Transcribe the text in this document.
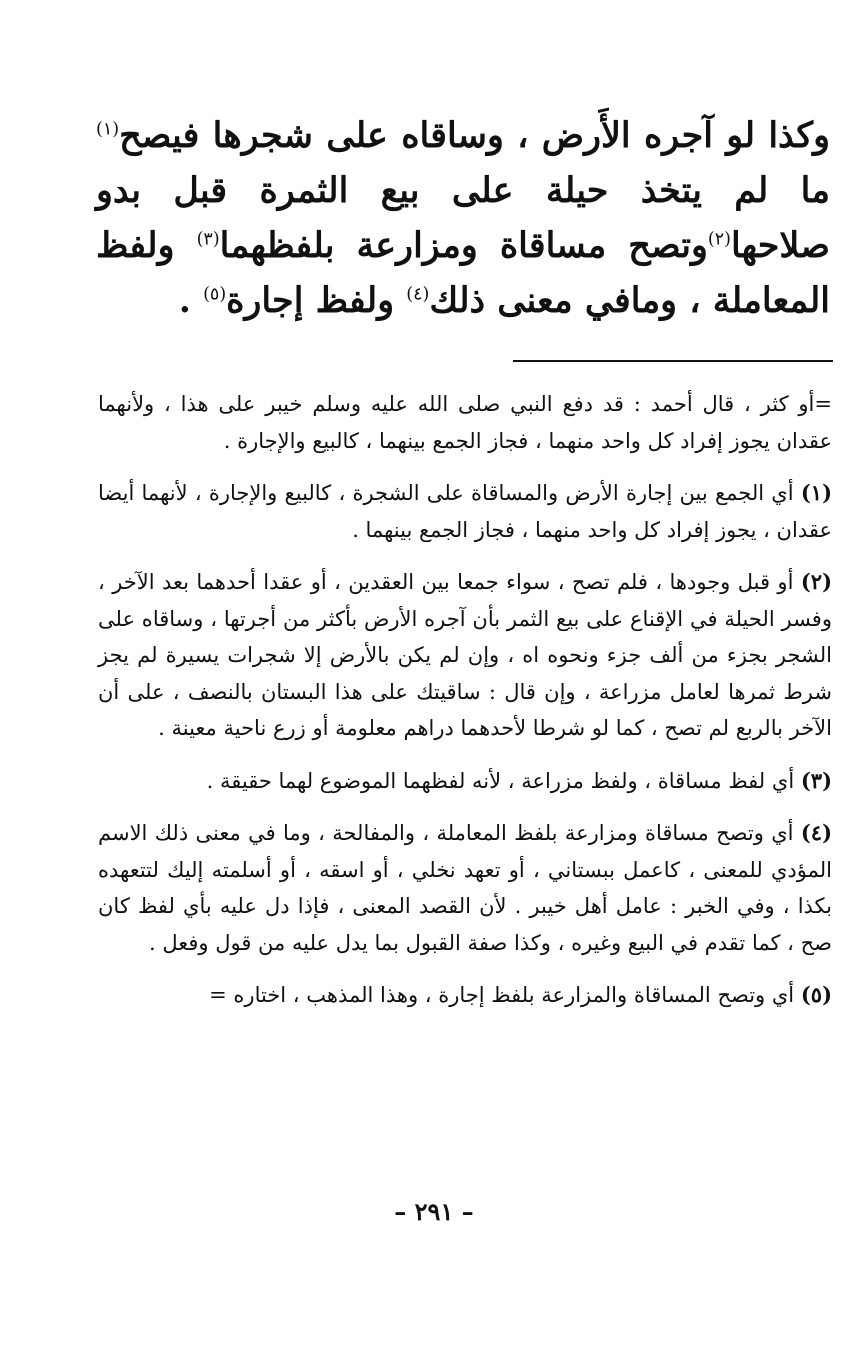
وكذا لو آجره الأَرض ، وساقاه على شجرها فيصح$^{(١)}$ ما لم يتخذ حيلة على بيع الثمرة قبل بدو صلاحها$^{(٢)}$وتصح مساقاة ومزارعة بلفظهما$^{(٣)}$ ولفظ المعاملة ، ومافي معنى ذلك$^{(٤)}$ ولفظ إجارة$^{(٥)}$ .

=أو كثر ، قال أحمد : قد دفع النبي صلى الله عليه وسلم خيبر على هذا ، ولأنهما عقدان يجوز إفراد كل واحد منهما ، فجاز الجمع بينهما ، كالبيع والإجارة .

(١) أي الجمع بين إجارة الأرض والمساقاة على الشجرة ، كالبيع والإجارة ، لأنهما أيضا عقدان ، يجوز إفراد كل واحد منهما ، فجاز الجمع بينهما .

(٢) أو قبل وجودها ، فلم تصح ، سواء جمعا بين العقدين ، أو عقدا أحدهما بعد الآخر ، وفسر الحيلة في الإقناع على بيع الثمر بأن آجره الأرض بأكثر من أجرتها ، وساقاه على الشجر بجزء من ألف جزء ونحوه اه ، وإن لم يكن بالأرض إلا شجرات يسيرة لم يجز شرط ثمرها لعامل مزراعة ، وإن قال : ساقيتك على هذا البستان بالنصف ، على أن الآخر بالربع لم تصح ، كما لو شرطا لأحدهما دراهم معلومة أو زرع ناحية معينة .

(٣) أي لفظ مساقاة ، ولفظ مزراعة ، لأنه لفظهما الموضوع لهما حقيقة .

(٤) أي وتصح مساقاة ومزارعة بلفظ المعاملة ، والمفالحة ، وما في معنى ذلك الاسم المؤدي للمعنى ، كاعمل ببستاني ، أو تعهد نخلي ، أو اسقه ، أو أسلمته إليك لتتعهده بكذا ، وفي الخبر : عامل أهل خيبر . لأن القصد المعنى ، فإذا دل عليه بأي لفظ كان صح ، كما تقدم في البيع وغيره ، وكذا صفة القبول بما يدل عليه من قول وفعل .

(٥) أي وتصح المساقاة والمزارعة بلفظ إجارة ، وهذا المذهب ، اختاره =

– ٢٩١ –
